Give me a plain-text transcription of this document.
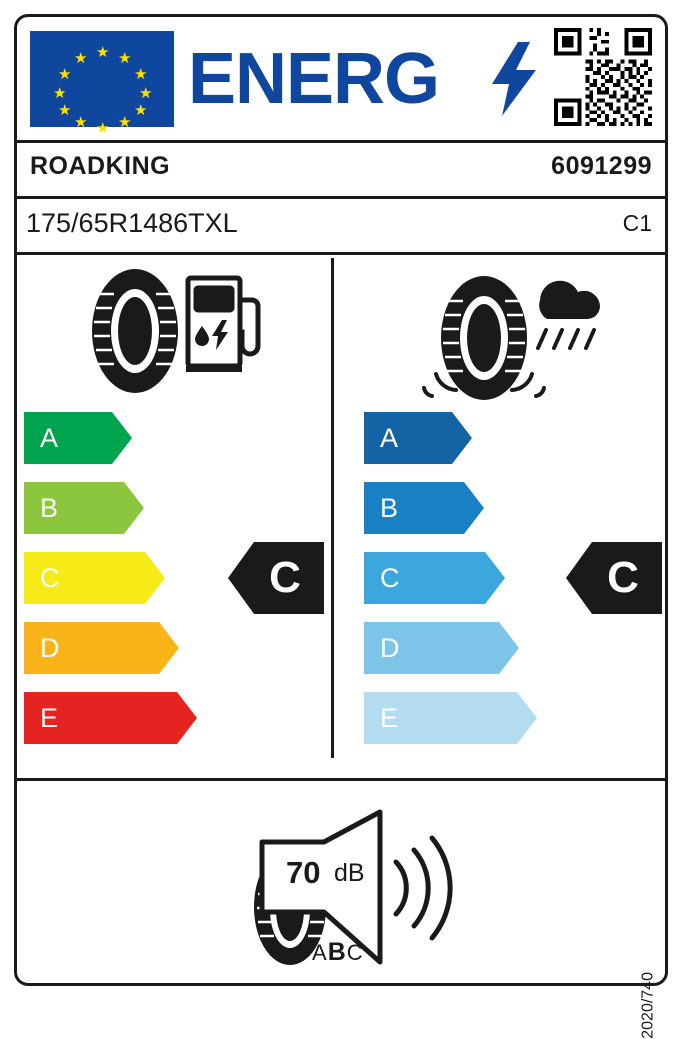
★
★ ★
★	★
★	★
★	★
★ ★
★
ENERG
ROADKING	6091299
175/65R1486TXL	C1
A
B
C
D
E
A
B
C
D
E
C	C
70 dB
ABC
2020/740
